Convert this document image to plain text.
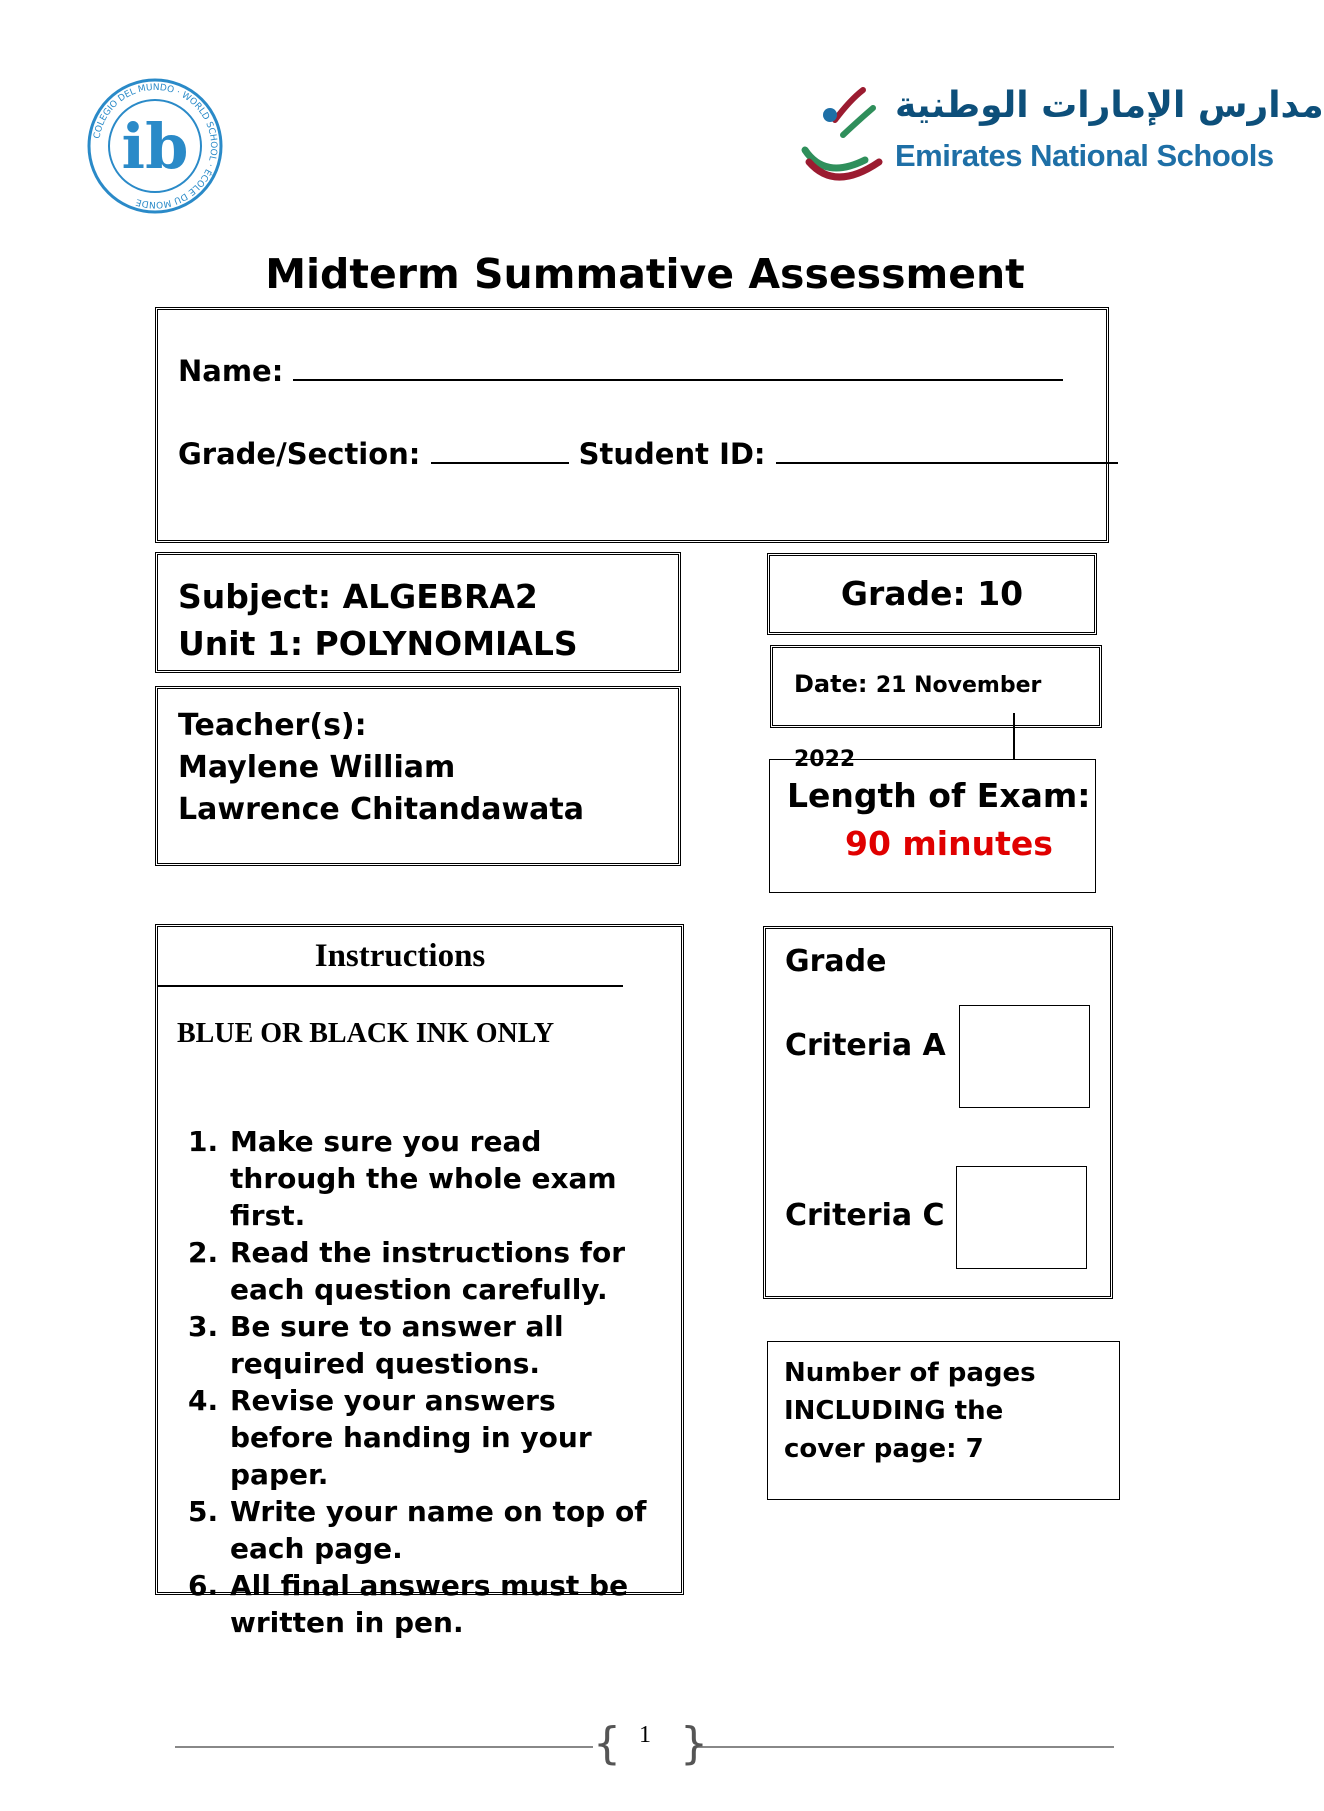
COLEGIO DEL MUNDO · WORLD SCHOOL · ÉCOLE DU MONDE
ib
مدارس الإمارات الوطنية
Emirates National Schools
Midterm Summative Assessment
Name:
Grade/Section:	Student ID:
Subject: ALGEBRA2
Unit 1: POLYNOMIALS
Teacher(s):
Maylene William
Lawrence Chitandawata
Grade: 10
Date: 21 November 2022
Length of Exam:
90 minutes
Instructions
BLUE OR BLACK INK ONLY
1. Make sure you read through the whole exam first.
2. Read the instructions for each question carefully.
3. Be sure to answer all required questions.
4. Revise your answers before handing in your paper.
5. Write your name on top of each page.
6. All final answers must be written in pen.
Grade
Criteria A
Criteria C
Number of pages INCLUDING the cover page: 7
{ }
1
